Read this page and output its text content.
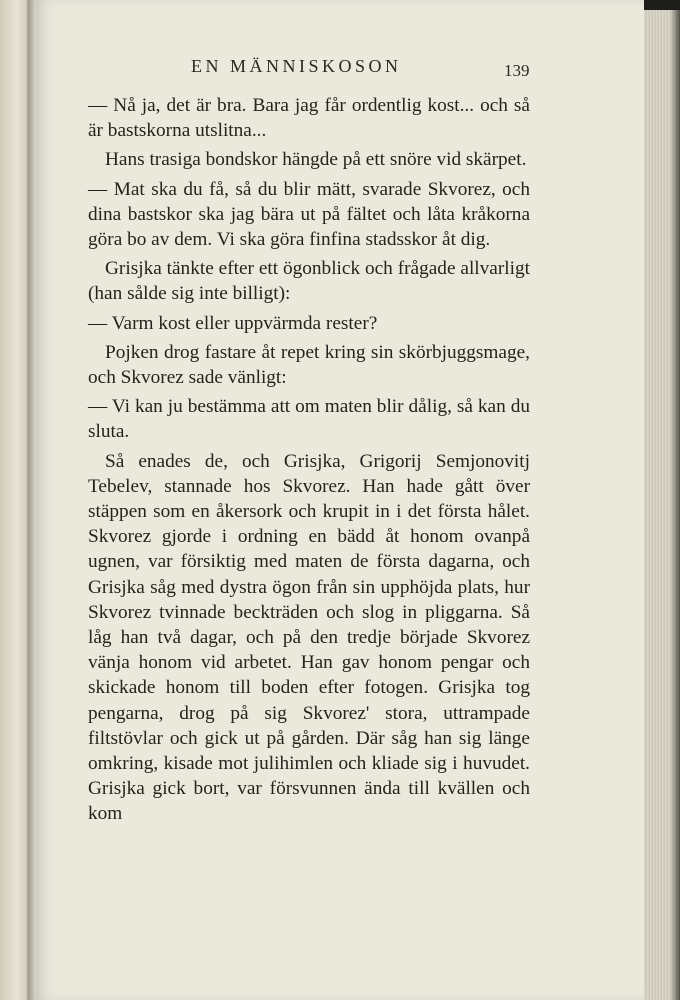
EN MÄNNISKOSON	139

— Nå ja, det är bra. Bara jag får ordentlig kost... och så är bastskorna utslitna...

Hans trasiga bondskor hängde på ett snöre vid skärpet.

— Mat ska du få, så du blir mätt, svarade Skvorez, och dina bastskor ska jag bära ut på fältet och låta kråkorna göra bo av dem. Vi ska göra finfina stadsskor åt dig.

Grisjka tänkte efter ett ögonblick och frågade allvarligt (han sålde sig inte billigt):

— Varm kost eller uppvärmda rester?

Pojken drog fastare åt repet kring sin skörbjuggsmage, och Skvorez sade vänligt:

— Vi kan ju bestämma att om maten blir dålig, så kan du sluta.

Så enades de, och Grisjka, Grigorij Semjonovitj Tebelev, stannade hos Skvorez. Han hade gått över stäppen som en åkersork och krupit in i det första hålet. Skvorez gjorde i ordning en bädd åt honom ovanpå ugnen, var försiktig med maten de första dagarna, och Grisjka såg med dystra ögon från sin upphöjda plats, hur Skvorez tvinnade beckträden och slog in pliggarna. Så låg han två dagar, och på den tredje började Skvorez vänja honom vid arbetet. Han gav honom pengar och skickade honom till boden efter fotogen. Grisjka tog pengarna, drog på sig Skvorez' stora, uttrampade filtstövlar och gick ut på gården. Där såg han sig länge omkring, kisade mot julihimlen och kliade sig i huvudet. Grisjka gick bort, var försvunnen ända till kvällen och kom
